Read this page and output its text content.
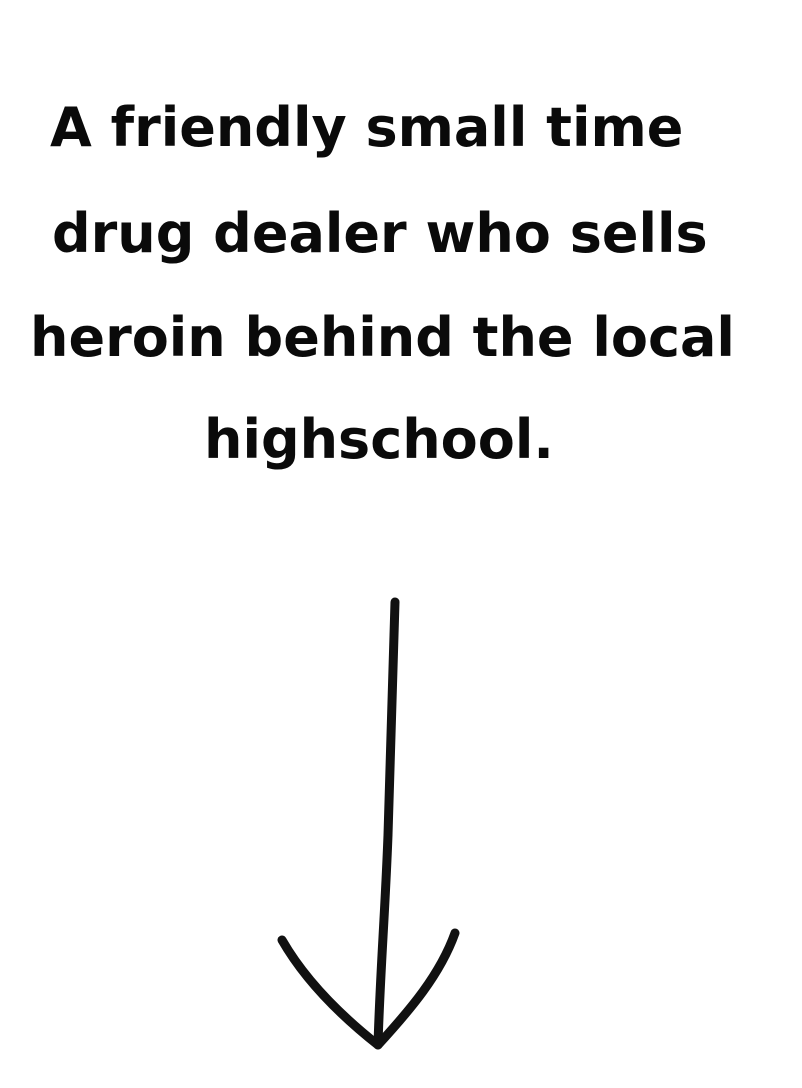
A friendly small time

drug dealer who sells

heroin behind the local

highschool.
